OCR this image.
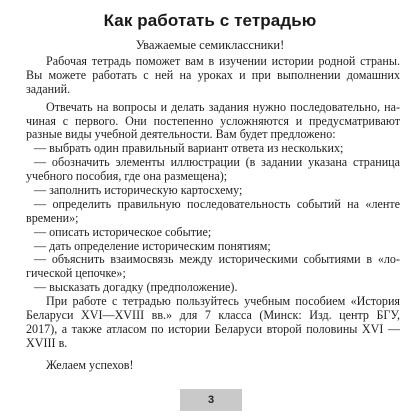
Как работать с тетрадью
Уважаемые семиклассники!
Рабочая тетрадь поможет вам в изучении истории родной страны.
Вы можете работать с ней на уроках и при выполнении домашних
заданий.
Отвечать на вопросы и делать задания нужно последовательно, на-
чиная с первого. Они постепенно усложняются и предусматривают
разные виды учебной деятельности. Вам будет предложено:
— выбрать один правильный вариант ответа из нескольких;
— обозначить элементы иллюстрации (в задании указана страница
учебного пособия, где она размещена);
— заполнить историческую картосхему;
— определить правильную последовательность событий на «ленте
времени»;
— описать историческое событие;
— дать определение историческим понятиям;
— объяснить взаимосвязь между историческими событиями в «ло-
гической цепочке»;
— высказать догадку (предположение).
При работе с тетрадью пользуйтесь учебным пособием «История
Беларуси XVI—XVIII вв.» для 7 класса (Минск: Изд. центр БГУ,
2017), а также атласом по истории Беларуси второй половины XVI —
XVIII в.
Желаем успехов!
3
